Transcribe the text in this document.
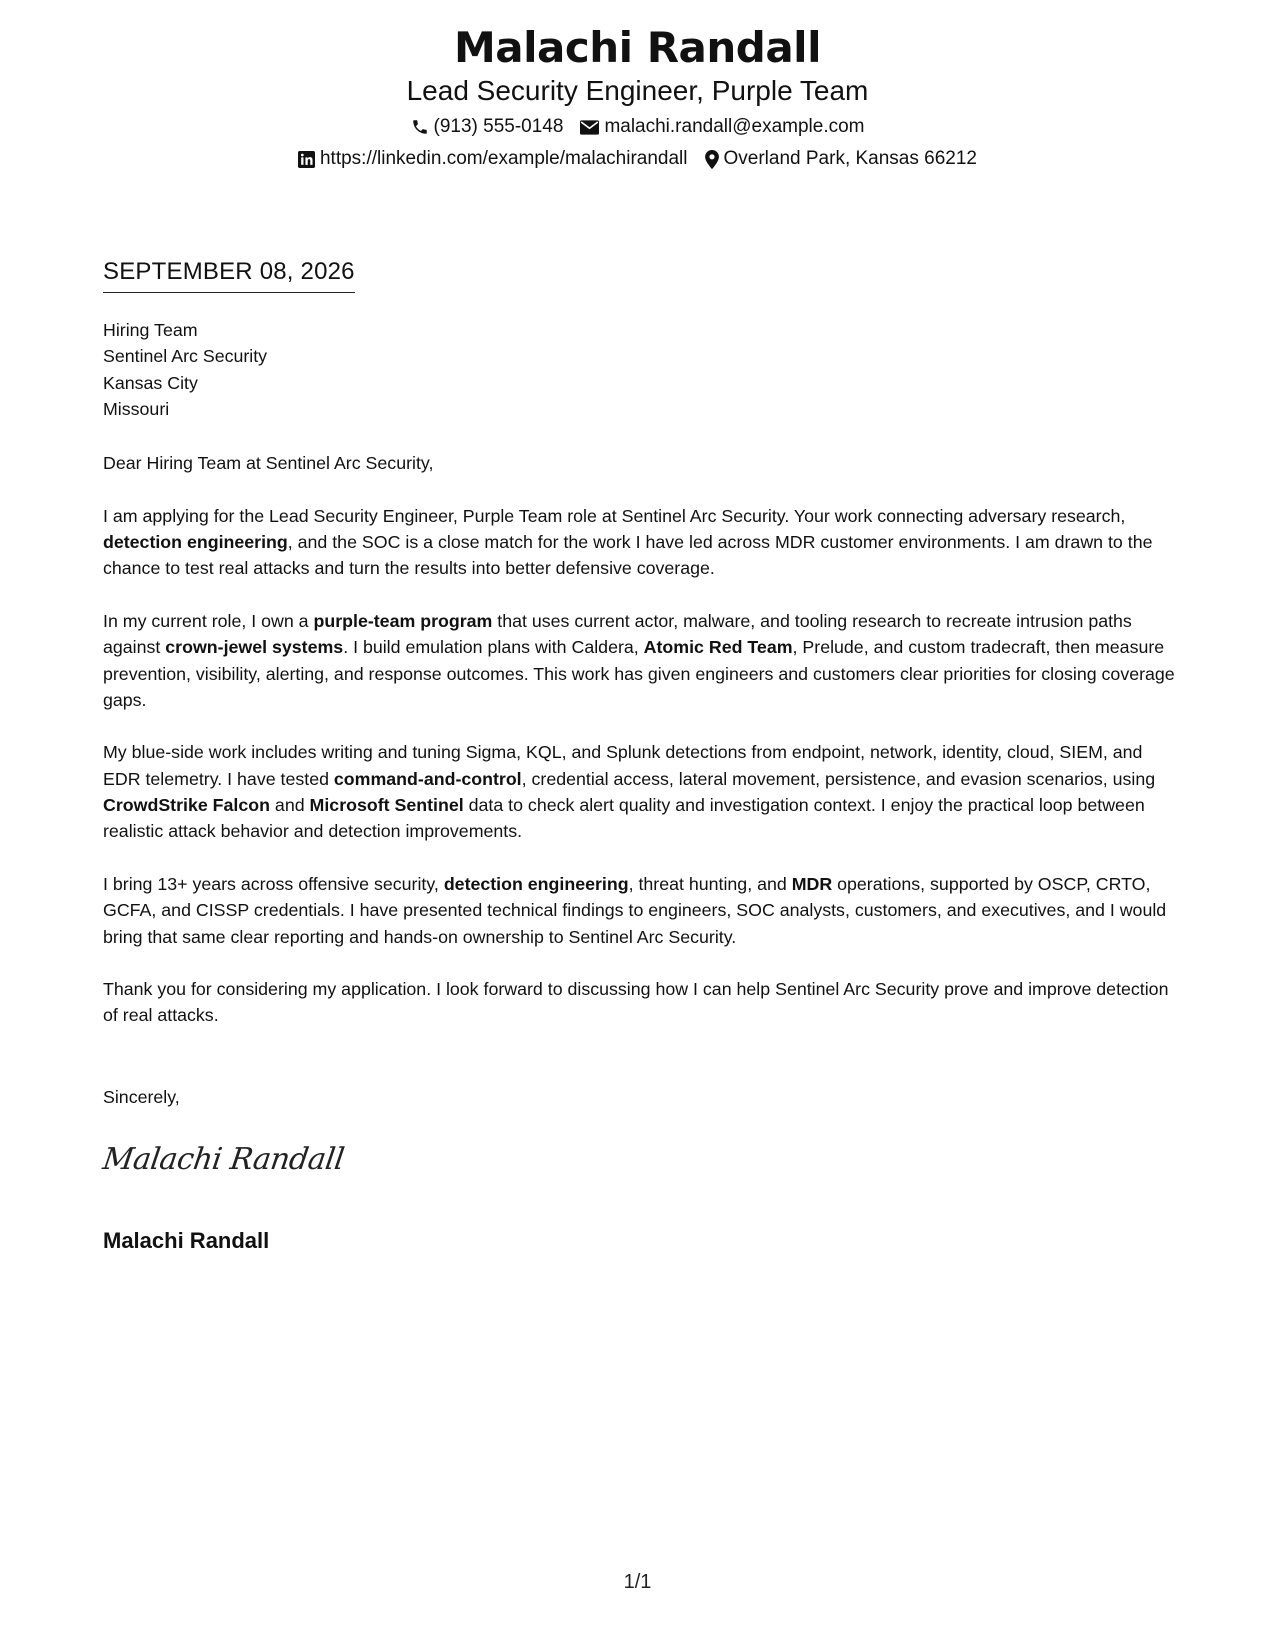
Malachi Randall
Lead Security Engineer, Purple Team
(913) 555-0148 malachi.randall@example.com
https://linkedin.com/example/malachirandall Overland Park, Kansas 66212
SEPTEMBER 08, 2026
Hiring Team
Sentinel Arc Security
Kansas City
Missouri
Dear Hiring Team at Sentinel Arc Security,
I am applying for the Lead Security Engineer, Purple Team role at Sentinel Arc Security. Your work connecting adversary research, detection engineering, and the SOC is a close match for the work I have led across MDR customer environments. I am drawn to the chance to test real attacks and turn the results into better defensive coverage.
In my current role, I own a purple-team program that uses current actor, malware, and tooling research to recreate intrusion paths against crown-jewel systems. I build emulation plans with Caldera, Atomic Red Team, Prelude, and custom tradecraft, then measure prevention, visibility, alerting, and response outcomes. This work has given engineers and customers clear priorities for closing coverage gaps.
My blue-side work includes writing and tuning Sigma, KQL, and Splunk detections from endpoint, network, identity, cloud, SIEM, and EDR telemetry. I have tested command-and-control, credential access, lateral movement, persistence, and evasion scenarios, using CrowdStrike Falcon and Microsoft Sentinel data to check alert quality and investigation context. I enjoy the practical loop between realistic attack behavior and detection improvements.
I bring 13+ years across offensive security, detection engineering, threat hunting, and MDR operations, supported by OSCP, CRTO, GCFA, and CISSP credentials. I have presented technical findings to engineers, SOC analysts, customers, and executives, and I would bring that same clear reporting and hands-on ownership to Sentinel Arc Security.
Thank you for considering my application. I look forward to discussing how I can help Sentinel Arc Security prove and improve detection of real attacks.
Sincerely,
Malachi Randall
Malachi Randall
1/1
